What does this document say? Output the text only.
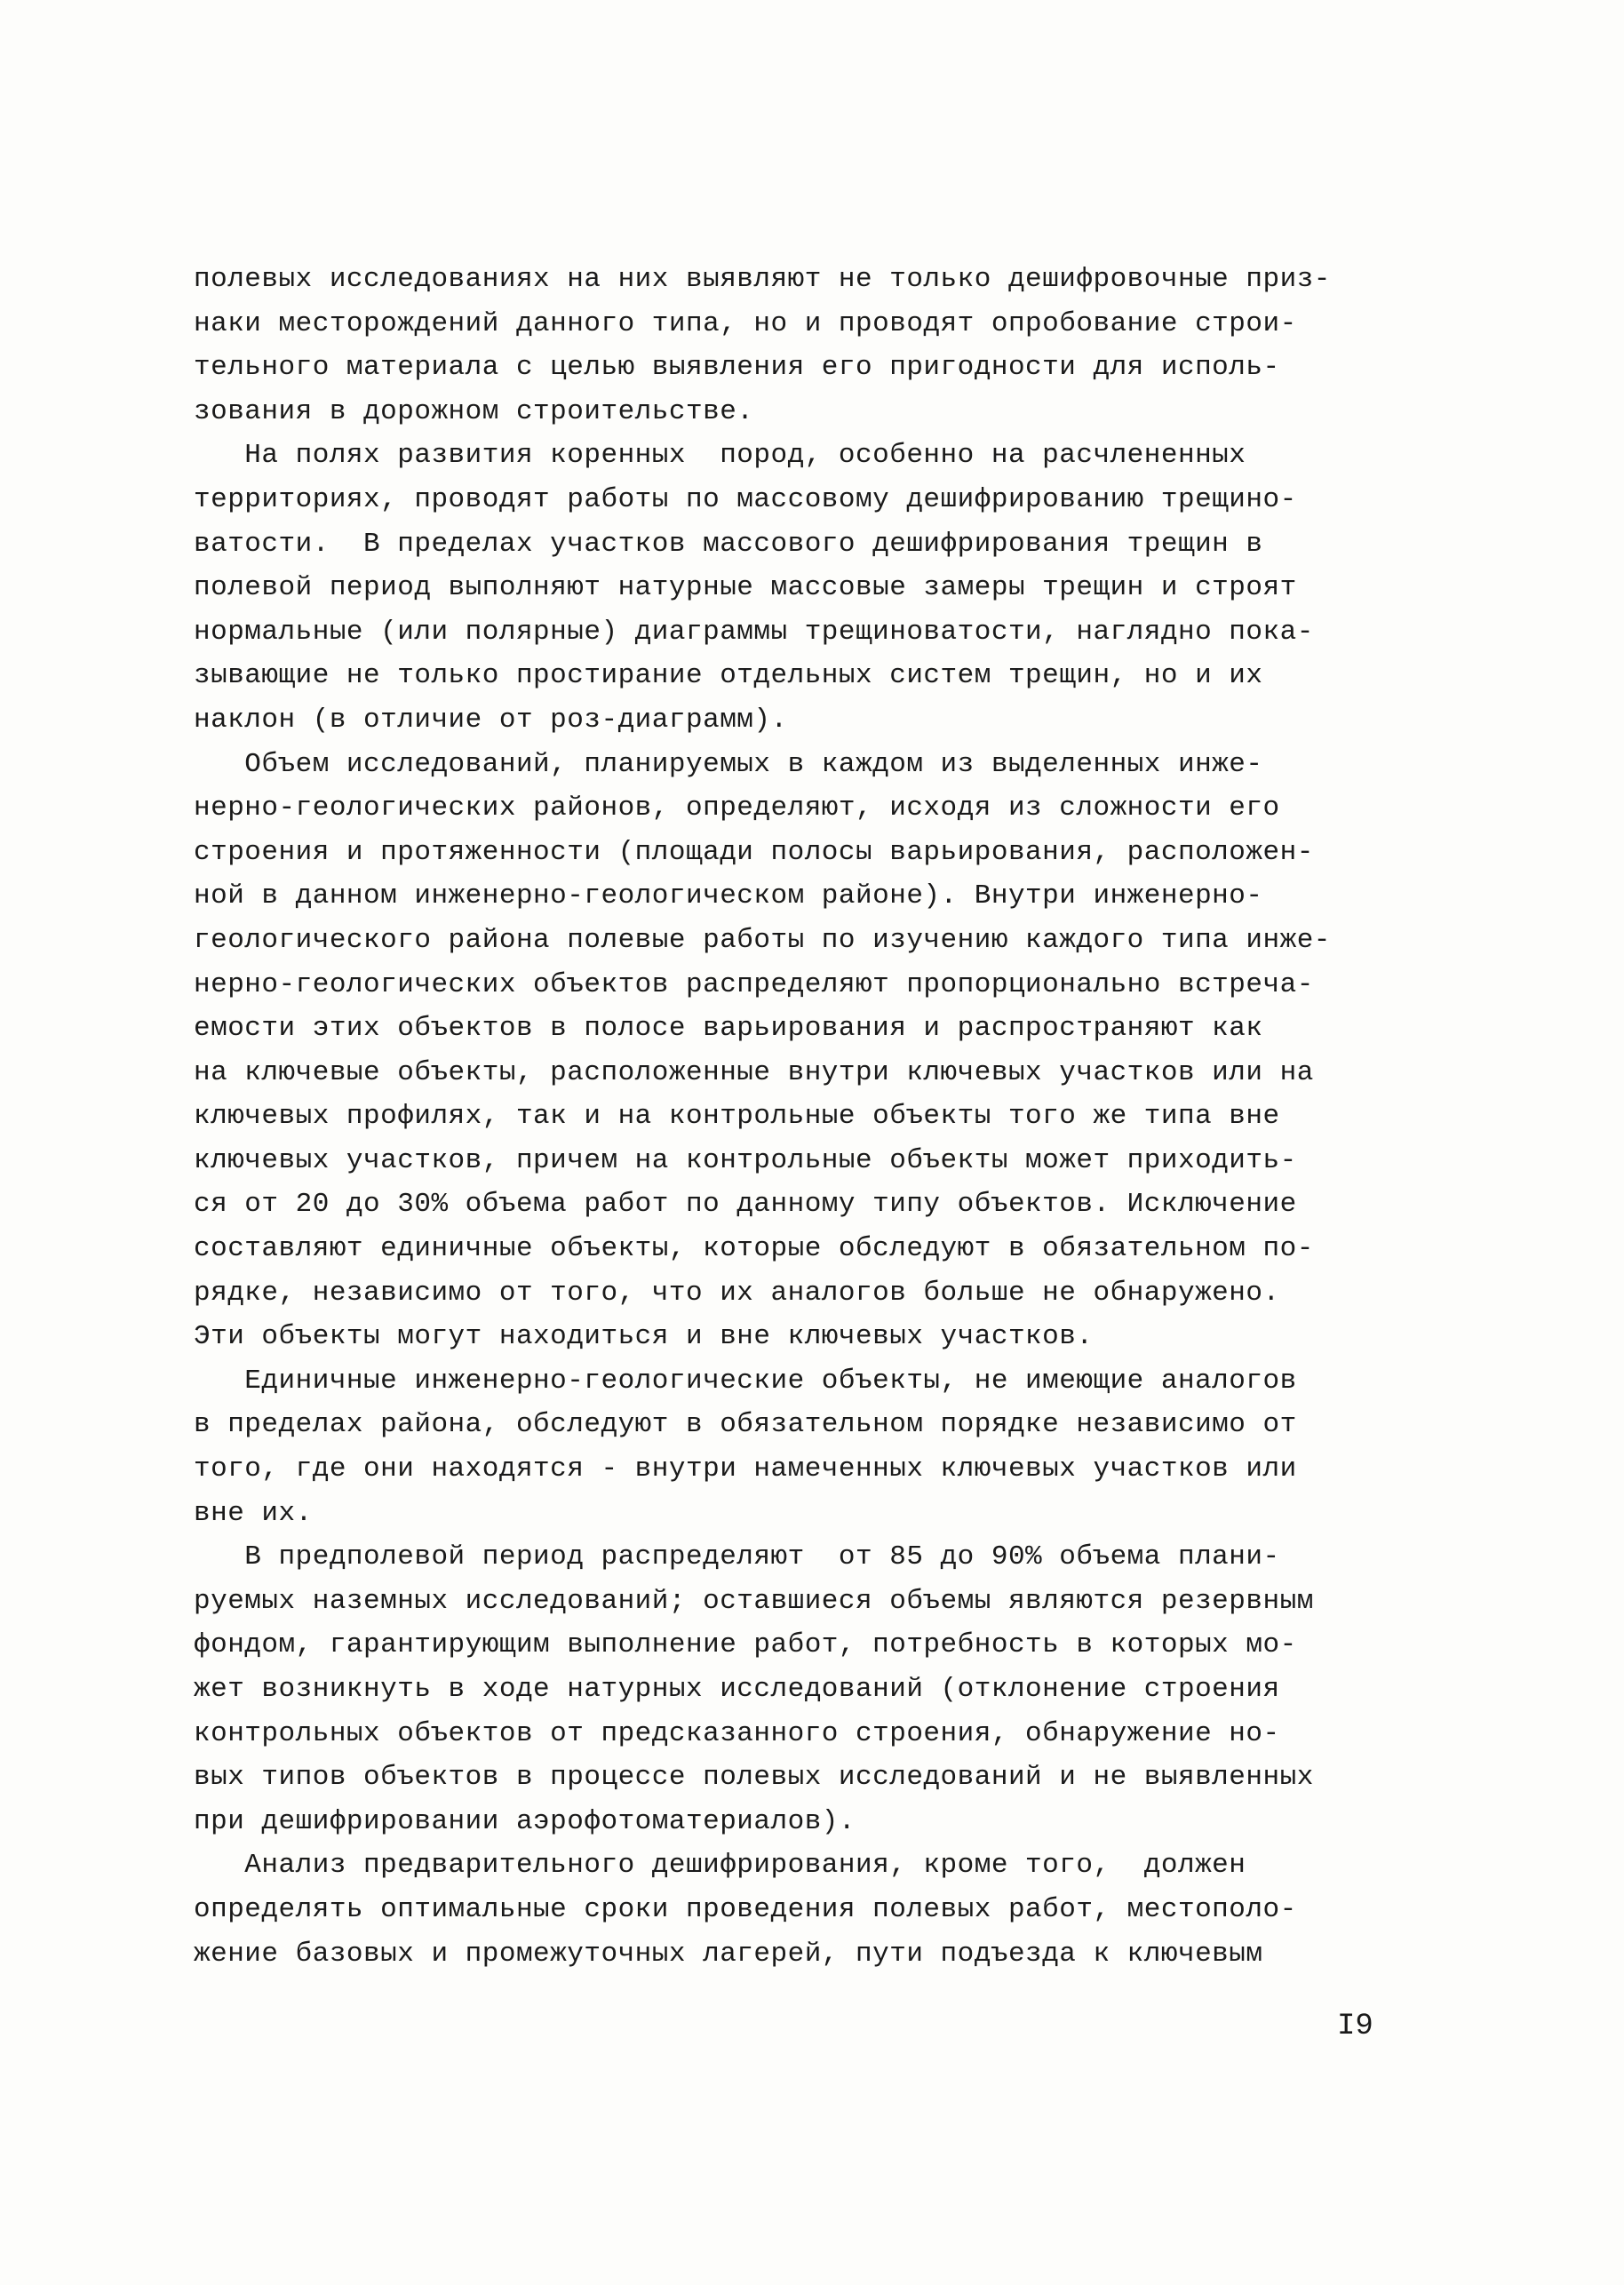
полевых исследованиях на них выявляют не только дешифровочные приз-
наки месторождений данного типа, но и проводят опробование строи-
тельного материала с целью выявления его пригодности для исполь-
зования в дорожном строительстве.
На полях развития коренных  пород, особенно на расчлененных
территориях, проводят работы по массовому дешифрированию трещино-
ватости.  В пределах участков массового дешифрирования трещин в
полевой период выполняют натурные массовые замеры трещин и строят
нормальные (или полярные) диаграммы трещиноватости, наглядно пока-
зывающие не только простирание отдельных систем трещин, но и их
наклон (в отличие от роз-диаграмм).
Объем исследований, планируемых в каждом из выделенных инже-
нерно-геологических районов, определяют, исходя из сложности его
строения и протяженности (площади полосы варьирования, расположен-
ной в данном инженерно-геологическом районе). Внутри инженерно-
геологического района полевые работы по изучению каждого типа инже-
нерно-геологических объектов распределяют пропорционально встреча-
емости этих объектов в полосе варьирования и распространяют как
на ключевые объекты, расположенные внутри ключевых участков или на
ключевых профилях, так и на контрольные объекты того же типа вне
ключевых участков, причем на контрольные объекты может приходить-
ся от 20 до 30% объема работ по данному типу объектов. Исключение
составляют единичные объекты, которые обследуют в обязательном по-
рядке, независимо от того, что их аналогов больше не обнаружено.
Эти объекты могут находиться и вне ключевых участков.
Единичные инженерно-геологические объекты, не имеющие аналогов
в пределах района, обследуют в обязательном порядке независимо от
того, где они находятся - внутри намеченных ключевых участков или
вне их.
В предполевой период распределяют  от 85 до 90% объема плани-
руемых наземных исследований; оставшиеся объемы являются резервным
фондом, гарантирующим выполнение работ, потребность в которых мо-
жет возникнуть в ходе натурных исследований (отклонение строения
контрольных объектов от предсказанного строения, обнаружение но-
вых типов объектов в процессе полевых исследований и не выявленных
при дешифрировании аэрофотоматериалов).
Анализ предварительного дешифрирования, кроме того,  должен
определять оптимальные сроки проведения полевых работ, местополо-
жение базовых и промежуточных лагерей, пути подъезда к ключевым
I9
